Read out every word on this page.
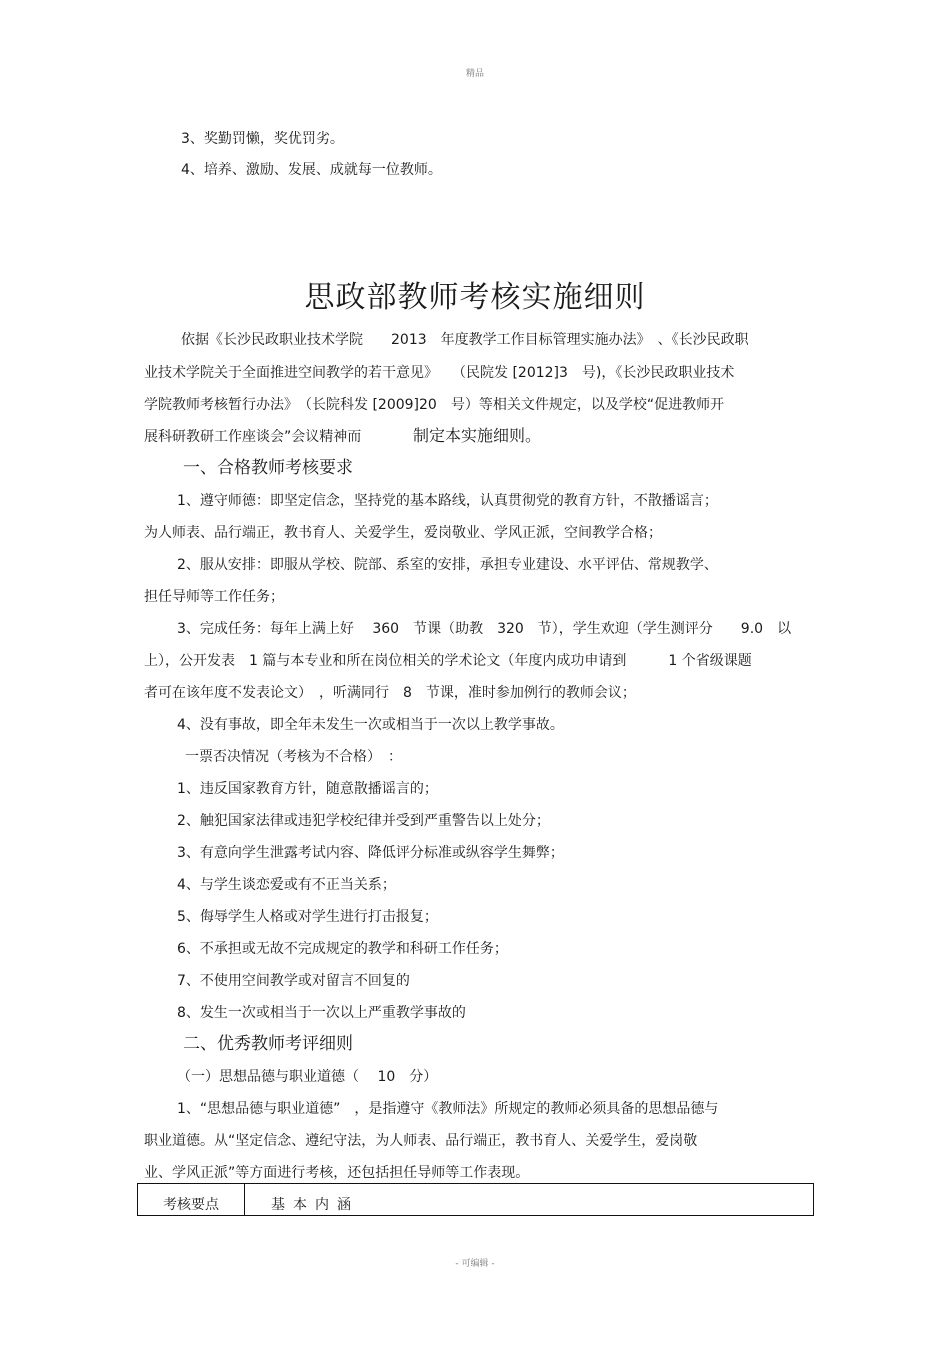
精品
3、奖勤罚懒，奖优罚劣。
4、培养、激励、发展、成就每一位教师。
思政部教师考核实施细则
依据《长沙民政职业技术学院　　2013　年度教学工作目标管理实施办法》　、《长沙民政职
业技术学院关于全面推进空间教学的若干意见》　　（民院发 [2012]3　号)，《长沙民政职业技术
学院教师考核暂行办法》　（长院科发 [2009]20　号）等相关文件规定，以及学校“促进教师开
展科研教研工作座谈会”会议精神而	制定本实施细则。
一、合格教师考核要求
1、遵守师德：即坚定信念，坚持党的基本路线，认真贯彻党的教育方针，不散播谣言；
为人师表、品行端正，教书育人、关爱学生，爱岗敬业、学风正派，空间教学合格；
2、服从安排：即服从学校、院部、系室的安排，承担专业建设、水平评估、常规教学、
担任导师等工作任务；
3、完成任务：每年上满上好　 360　节课（助教　320　节），学生欢迎（学生测评分　　9.0　以
上），公开发表　1 篇与本专业和所在岗位相关的学术论文（年度内成功申请到　　　1 个省级课题
者可在该年度不发表论文）　，听满同行　8　节课，准时参加例行的教师会议；
4、没有事故，即全年未发生一次或相当于一次以上教学事故。
一票否决情况（考核为不合格）　：
1、违反国家教育方针，随意散播谣言的；
2、触犯国家法律或违犯学校纪律并受到严重警告以上处分；
3、有意向学生泄露考试内容、降低评分标准或纵容学生舞弊；
4、与学生谈恋爱或有不正当关系；
5、侮辱学生人格或对学生进行打击报复；
6、不承担或无故不完成规定的教学和科研工作任务；
7、不使用空间教学或对留言不回复的
8、发生一次或相当于一次以上严重教学事故的
二、优秀教师考评细则
（一）思想品德与职业道德（　 10　分）
1、“思想品德与职业道德”　，是指遵守《教师法》所规定的教师必须具备的思想品德与
职业道德。从“坚定信念、遵纪守法，为人师表、品行端正，教书育人、关爱学生，爱岗敬
业、学风正派”等方面进行考核，还包括担任导师等工作表现。
考核要点	基本内涵
- 可编辑 -
